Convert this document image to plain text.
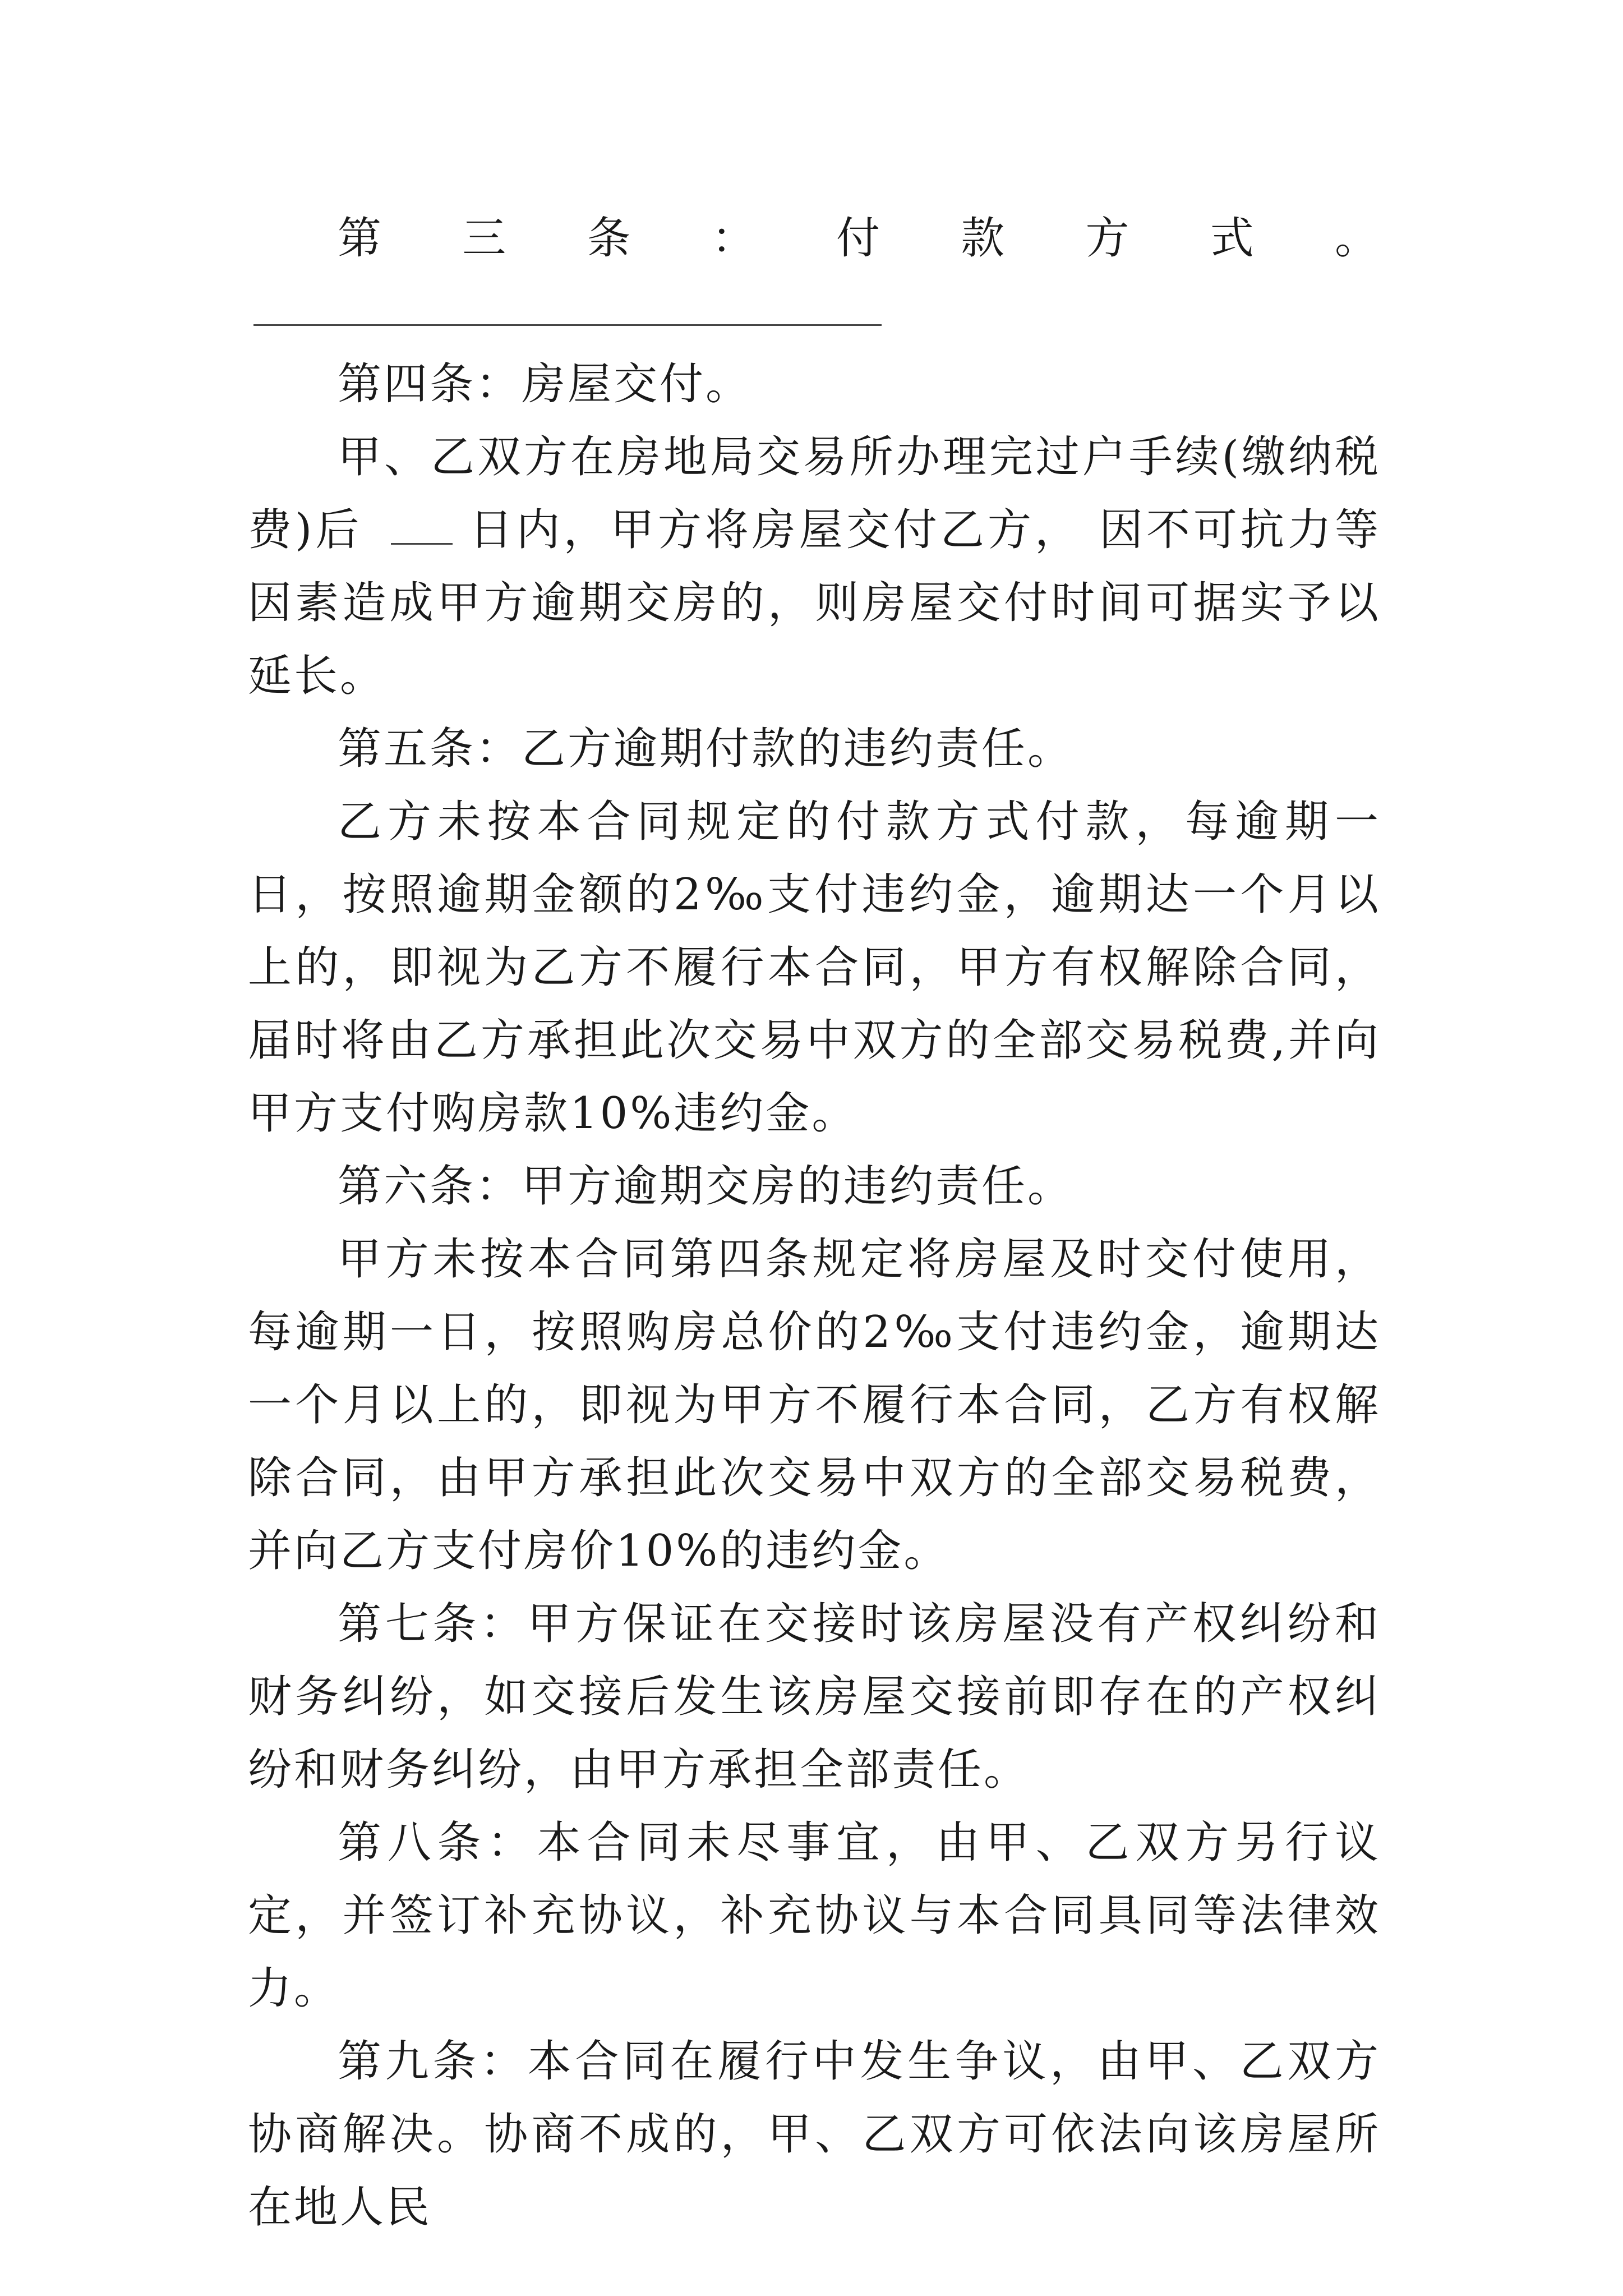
第三条：付款方式。

第四条：房屋交付。

甲、乙双方在房地局交易所办理完过户手续(缴纳税费)后 日内，甲方将房屋交付乙方， 因不可抗力等因素造成甲方逾期交房的，则房屋交付时间可据实予以延长。

第五条：乙方逾期付款的违约责任。

乙方未按本合同规定的付款方式付款，每逾期一日，按照逾期金额的2‰支付违约金，逾期达一个月以上的，即视为乙方不履行本合同，甲方有权解除合同，届时将由乙方承担此次交易中双方的全部交易税费,并向甲方支付购房款10%违约金。

第六条：甲方逾期交房的违约责任。

甲方未按本合同第四条规定将房屋及时交付使用，每逾期一日，按照购房总价的2‰支付违约金，逾期达一个月以上的，即视为甲方不履行本合同，乙方有权解除合同，由甲方承担此次交易中双方的全部交易税费，并向乙方支付房价10%的违约金。

第七条：甲方保证在交接时该房屋没有产权纠纷和财务纠纷，如交接后发生该房屋交接前即存在的产权纠纷和财务纠纷，由甲方承担全部责任。

第八条：本合同未尽事宜，由甲、乙双方另行议定，并签订补充协议，补充协议与本合同具同等法律效力。

第九条：本合同在履行中发生争议，由甲、乙双方协商解决。协商不成的，甲、乙双方可依法向该房屋所在地人民
